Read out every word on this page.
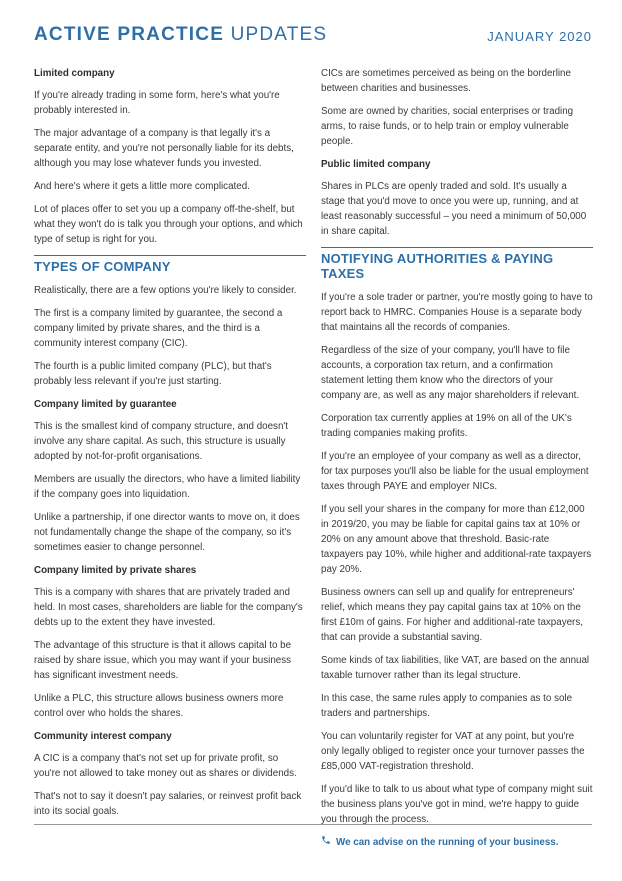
ACTIVE PRACTICE UPDATES	JANUARY 2020
Limited company

If you're already trading in some form, here's what you're probably interested in.

The major advantage of a company is that legally it's a separate entity, and you're not personally liable for its debts, although you may lose whatever funds you invested.

And here's where it gets a little more complicated.

Lot of places offer to set you up a company off-the-shelf, but what they won't do is talk you through your options, and which type of setup is right for you.

TYPES OF COMPANY

Realistically, there are a few options you're likely to consider.

The first is a company limited by guarantee, the second a company limited by private shares, and the third is a community interest company (CIC).

The fourth is a public limited company (PLC), but that's probably less relevant if you're just starting.

Company limited by guarantee

This is the smallest kind of company structure, and doesn't involve any share capital. As such, this structure is usually adopted by not-for-profit organisations.

Members are usually the directors, who have a limited liability if the company goes into liquidation.

Unlike a partnership, if one director wants to move on, it does not fundamentally change the shape of the company, so it's sometimes easier to change personnel.

Company limited by private shares

This is a company with shares that are privately traded and held. In most cases, shareholders are liable for the company's debts up to the extent they have invested.

The advantage of this structure is that it allows capital to be raised by share issue, which you may want if your business has significant investment needs.

Unlike a PLC, this structure allows business owners more control over who holds the shares.

Community interest company

A CIC is a company that's not set up for private profit, so you're not allowed to take money out as shares or dividends.

That's not to say it doesn't pay salaries, or reinvest profit back into its social goals.

CICs are sometimes perceived as being on the borderline between charities and businesses.

Some are owned by charities, social enterprises or trading arms, to raise funds, or to help train or employ vulnerable people.

Public limited company

Shares in PLCs are openly traded and sold. It's usually a stage that you'd move to once you were up, running, and at least reasonably successful – you need a minimum of 50,000 in share capital.

NOTIFYING AUTHORITIES & PAYING TAXES

If you're a sole trader or partner, you're mostly going to have to report back to HMRC. Companies House is a separate body that maintains all the records of companies.

Regardless of the size of your company, you'll have to file accounts, a corporation tax return, and a confirmation statement letting them know who the directors of your company are, as well as any major shareholders if relevant.

Corporation tax currently applies at 19% on all of the UK's trading companies making profits.

If you're an employee of your company as well as a director, for tax purposes you'll also be liable for the usual employment taxes through PAYE and employer NICs.

If you sell your shares in the company for more than £12,000 in 2019/20, you may be liable for capital gains tax at 10% or 20% on any amount above that threshold. Basic-rate taxpayers pay 10%, while higher and additional-rate taxpayers pay 20%.

Business owners can sell up and qualify for entrepreneurs' relief, which means they pay capital gains tax at 10% on the first £10m of gains. For higher and additional-rate taxpayers, that can provide a substantial saving.

Some kinds of tax liabilities, like VAT, are based on the annual taxable turnover rather than its legal structure.

In this case, the same rules apply to companies as to sole traders and partnerships.

You can voluntarily register for VAT at any point, but you're only legally obliged to register once your turnover passes the £85,000 VAT-registration threshold.

If you'd like to talk to us about what type of company might suit the business plans you've got in mind, we're happy to guide you through the process.

We can advise on the running of your business.
